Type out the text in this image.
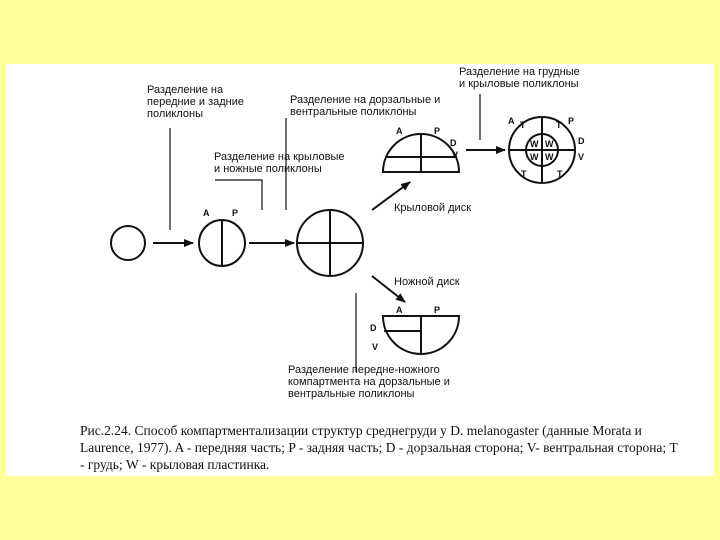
A	P
A	P
D
V
A T	T P
D
V
W W
W W
T	T
A	P
D
V
Разделение на
передние и задние
поликлоны
Разделение на крыловые
и ножные поликлоны
Разделение на дорзальные и
вентральные поликлоны
Разделение на грудные
и крыловые поликлоны
Крыловой диск
Ножной диск
Разделение передне-ножного
компартмента на дорзальные и
вентральные поликлоны
Рис.2.24. Способ компартментализации структур среднегруди у D. melanogaster (данные Morata и Laurence, 1977). A - передняя часть; P - задняя часть; D - дорзальная сторона; V- вентральная сторона; T - грудь; W - крыловая пластинка.
